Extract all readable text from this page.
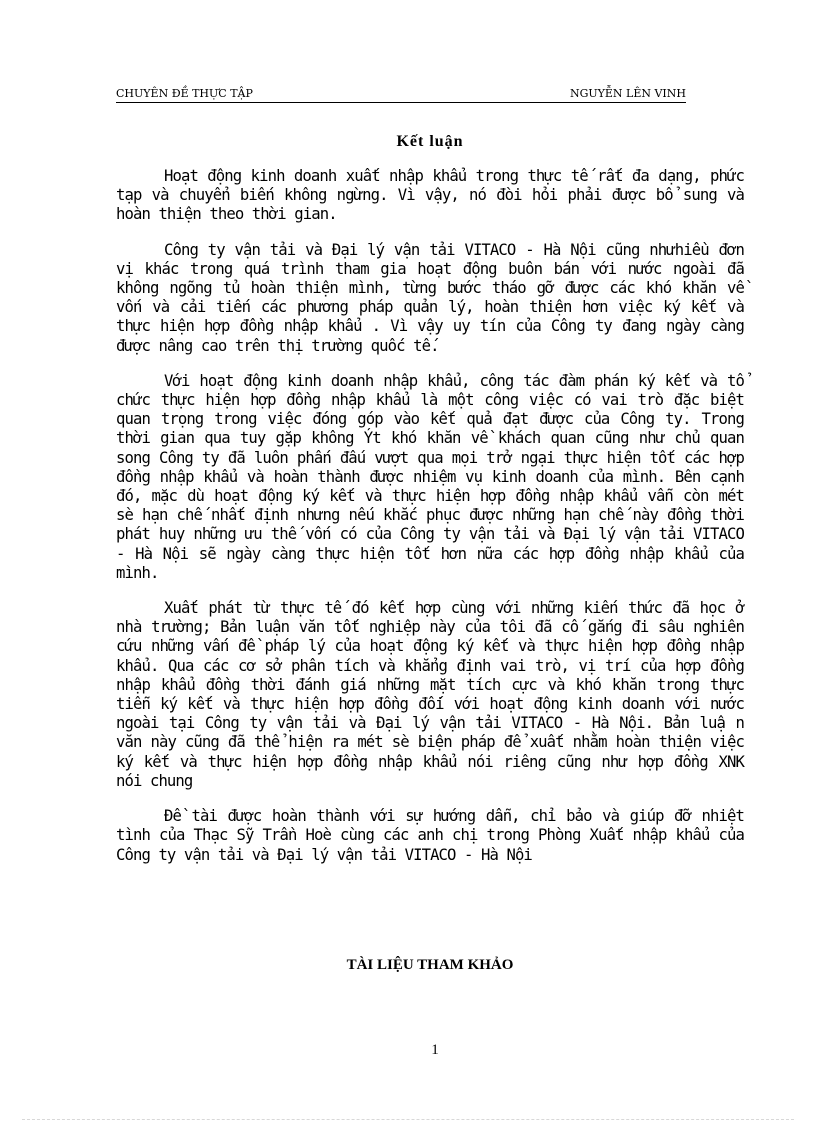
CHUYÊN ĐỀ THỰC TẬP	NGUYỄN LÊN VINH
Kết luận

Hoạt động kinh doanh xuất nhập khẩu trong thực tế rất đa dạng, phức tạp và chuyển biến không ngừng. Vì vậy, nó đòi hỏi phải được bổ sung và hoàn thiện theo thời gian.

Công ty vận tải và Đại lý vận tải VITACO - Hà Nội cũng nhưhiều đơn vị khác trong quá trình tham gia hoạt động buôn bán với nước ngoài đã không ngõng tủ hoàn thiện mình, từng bước tháo gỡ được các khó khăn về vốn và cải tiến các phương pháp quản lý, hoàn thiện hơn việc ký kết và thực hiện hợp đồng nhập khẩu . Vì vậy uy tín của Công ty đang ngày càng được nâng cao trên thị trường quốc tế.

Với hoạt động kinh doanh nhập khẩu, công tác đàm phán ký kết và tổ chức thực hiện hợp đồng nhập khẩu là một công việc có vai trò đặc biệt quan trọng trong việc đóng góp vào kết quả đạt được của Công ty. Trong thời gian qua tuy gặp không Ýt khó khăn về khách quan cũng như chủ quan song Công ty đã luôn phấn đấu vượt qua mọi trở ngại thực hiện tốt các hợp đồng nhập khẩu và hoàn thành được nhiệm vụ kinh doanh của mình. Bên cạnh đó, mặc dù hoạt động ký kết và thực hiện hợp đồng nhập khẩu vẫn còn mét sè hạn chế nhất định nhưng nếu khắc phục được những hạn chế này đồng thời phát huy những ưu thế vốn có của Công ty vận tải và Đại lý vận tải VITACO - Hà Nội sẽ ngày càng thực hiện tốt hơn nữa các hợp đồng nhập khẩu của mình.

Xuất phát từ thực tế đó kết hợp cùng với những kiến thức đã học ở nhà trường; Bản luận văn tốt nghiệp này của tôi đã cố gắng đi sâu nghiên cứu những vấn đề pháp lý của hoạt động ký kết và thực hiện hợp đồng nhập khẩu. Qua các cơ sở phân tích và khẳng định vai trò, vị trí của hợp đồng nhập khẩu đồng thời đánh giá những mặt tích cực và khó khăn trong thực tiễn ký kết và thực hiện hợp đồng đối với hoạt động kinh doanh với nước ngoài tại Công ty vận tải và Đại lý vận tải VITACO - Hà Nội. Bản luậ n văn này cũng đã thể hiện ra mét sè biện pháp để xuất nhằm hoàn thiện việc ký kết và thực hiện hợp đồng nhập khẩu nói riêng cũng như hợp đồng XNK nói chung

Đề tài được hoàn thành với sự hướng dẫn, chỉ bảo và giúp đỡ nhiệt tình của Thạc Sỹ Trần Hoè cùng các anh chị trong Phòng Xuất nhập khẩu của Công ty vận tải và Đại lý vận tải VITACO - Hà Nội

TÀI LIỆU THAM KHẢO
1
